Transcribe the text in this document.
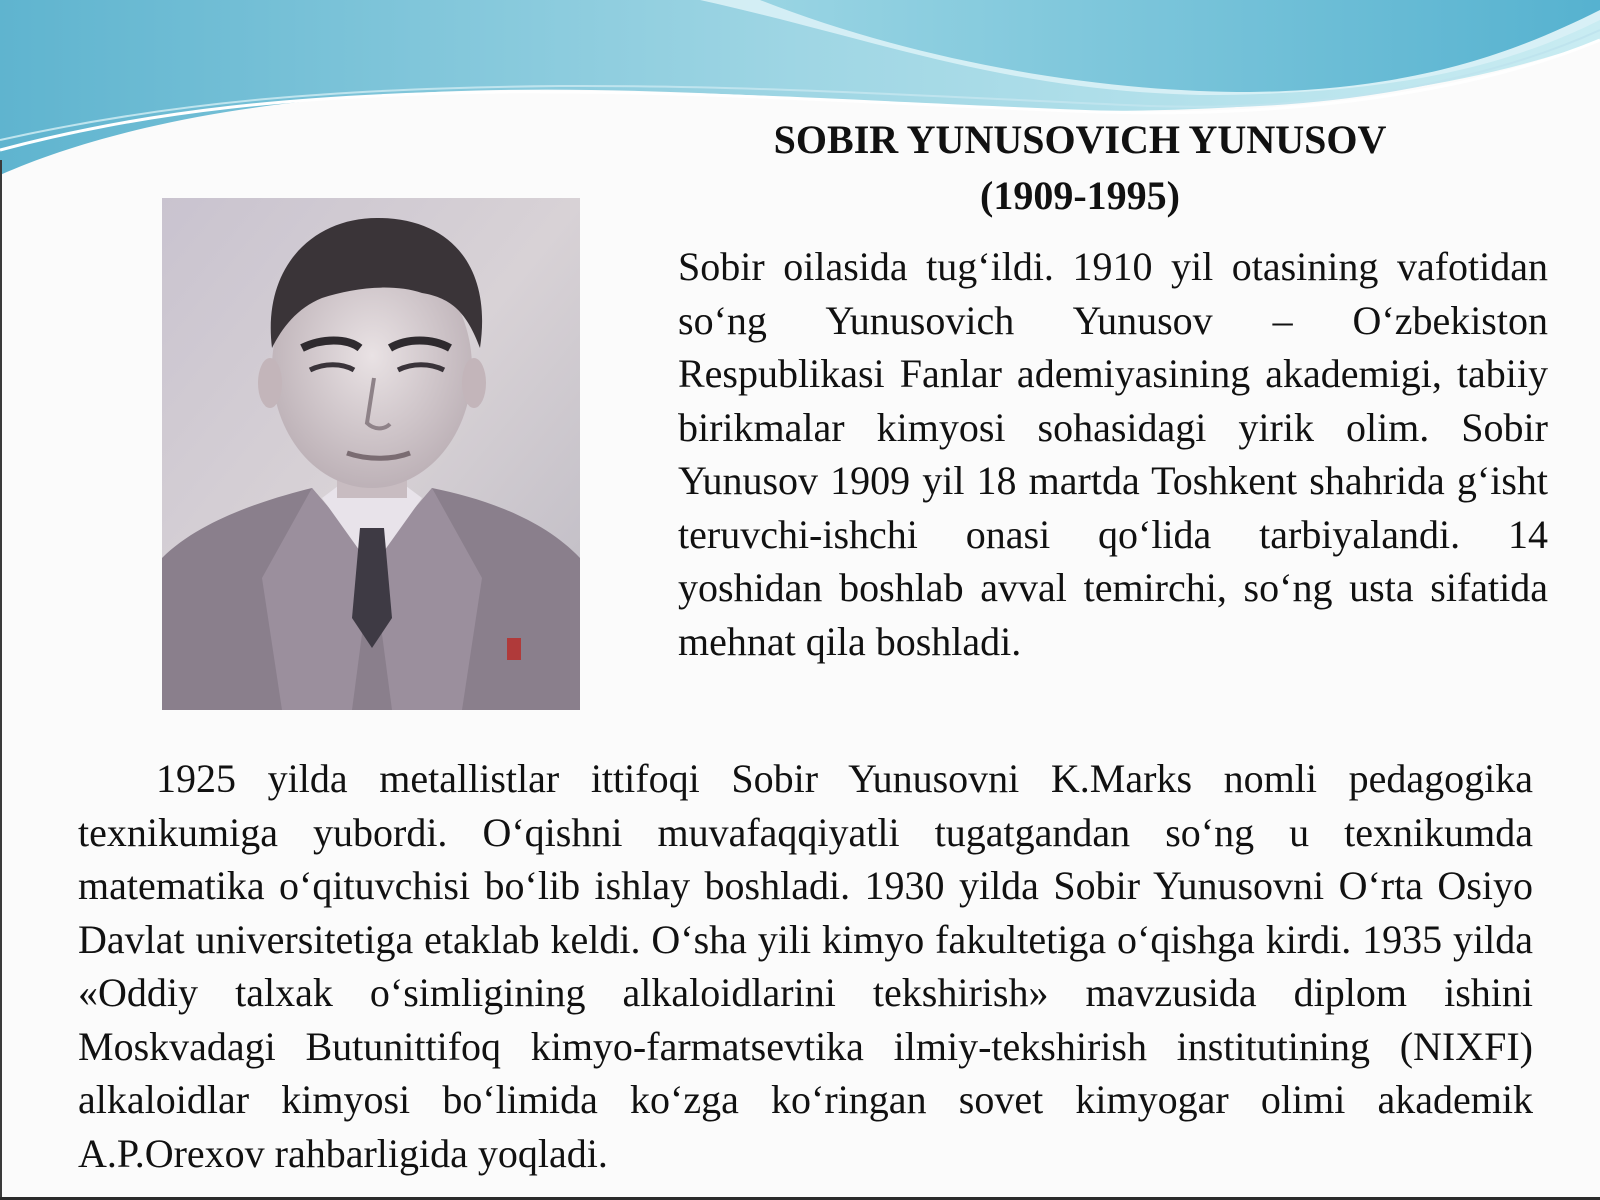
SOBIR YUNUSOVICH YUNUSOV
(1909-1995)

Sobir oilasida tug‘ildi. 1910 yil otasining vafotidan so‘ng Yunusovich Yunusov – O‘zbekiston Respublikasi Fanlar ademiyasining akademigi, tabiiy birikmalar kimyosi sohasidagi yirik olim. Sobir Yunusov 1909 yil 18 martda Toshkent shahrida g‘isht teruvchi-ishchi onasi qo‘lida tarbiyalandi. 14 yoshidan boshlab avval temirchi, so‘ng usta sifatida mehnat qila boshladi.

1925 yilda metallistlar ittifoqi Sobir Yunusovni K.Marks nomli pedagogika texnikumiga yubordi. O‘qishni muvafaqqiyatli tugatgandan so‘ng u texnikumda matematika o‘qituvchisi bo‘lib ishlay boshladi. 1930 yilda Sobir Yunusovni O‘rta Osiyo Davlat universitetiga etaklab keldi. O‘sha yili kimyo fakultetiga o‘qishga kirdi. 1935 yilda «Oddiy talxak o‘simligining alkaloidlarini tekshirish» mavzusida diplom ishini Moskvadagi Butunittifoq kimyo-farmatsevtika ilmiy-tekshirish institutining (NIXFI) alkaloidlar kimyosi bo‘limida ko‘zga ko‘ringan sovet kimyogar olimi akademik A.P.Orexov rahbarligida yoqladi.
